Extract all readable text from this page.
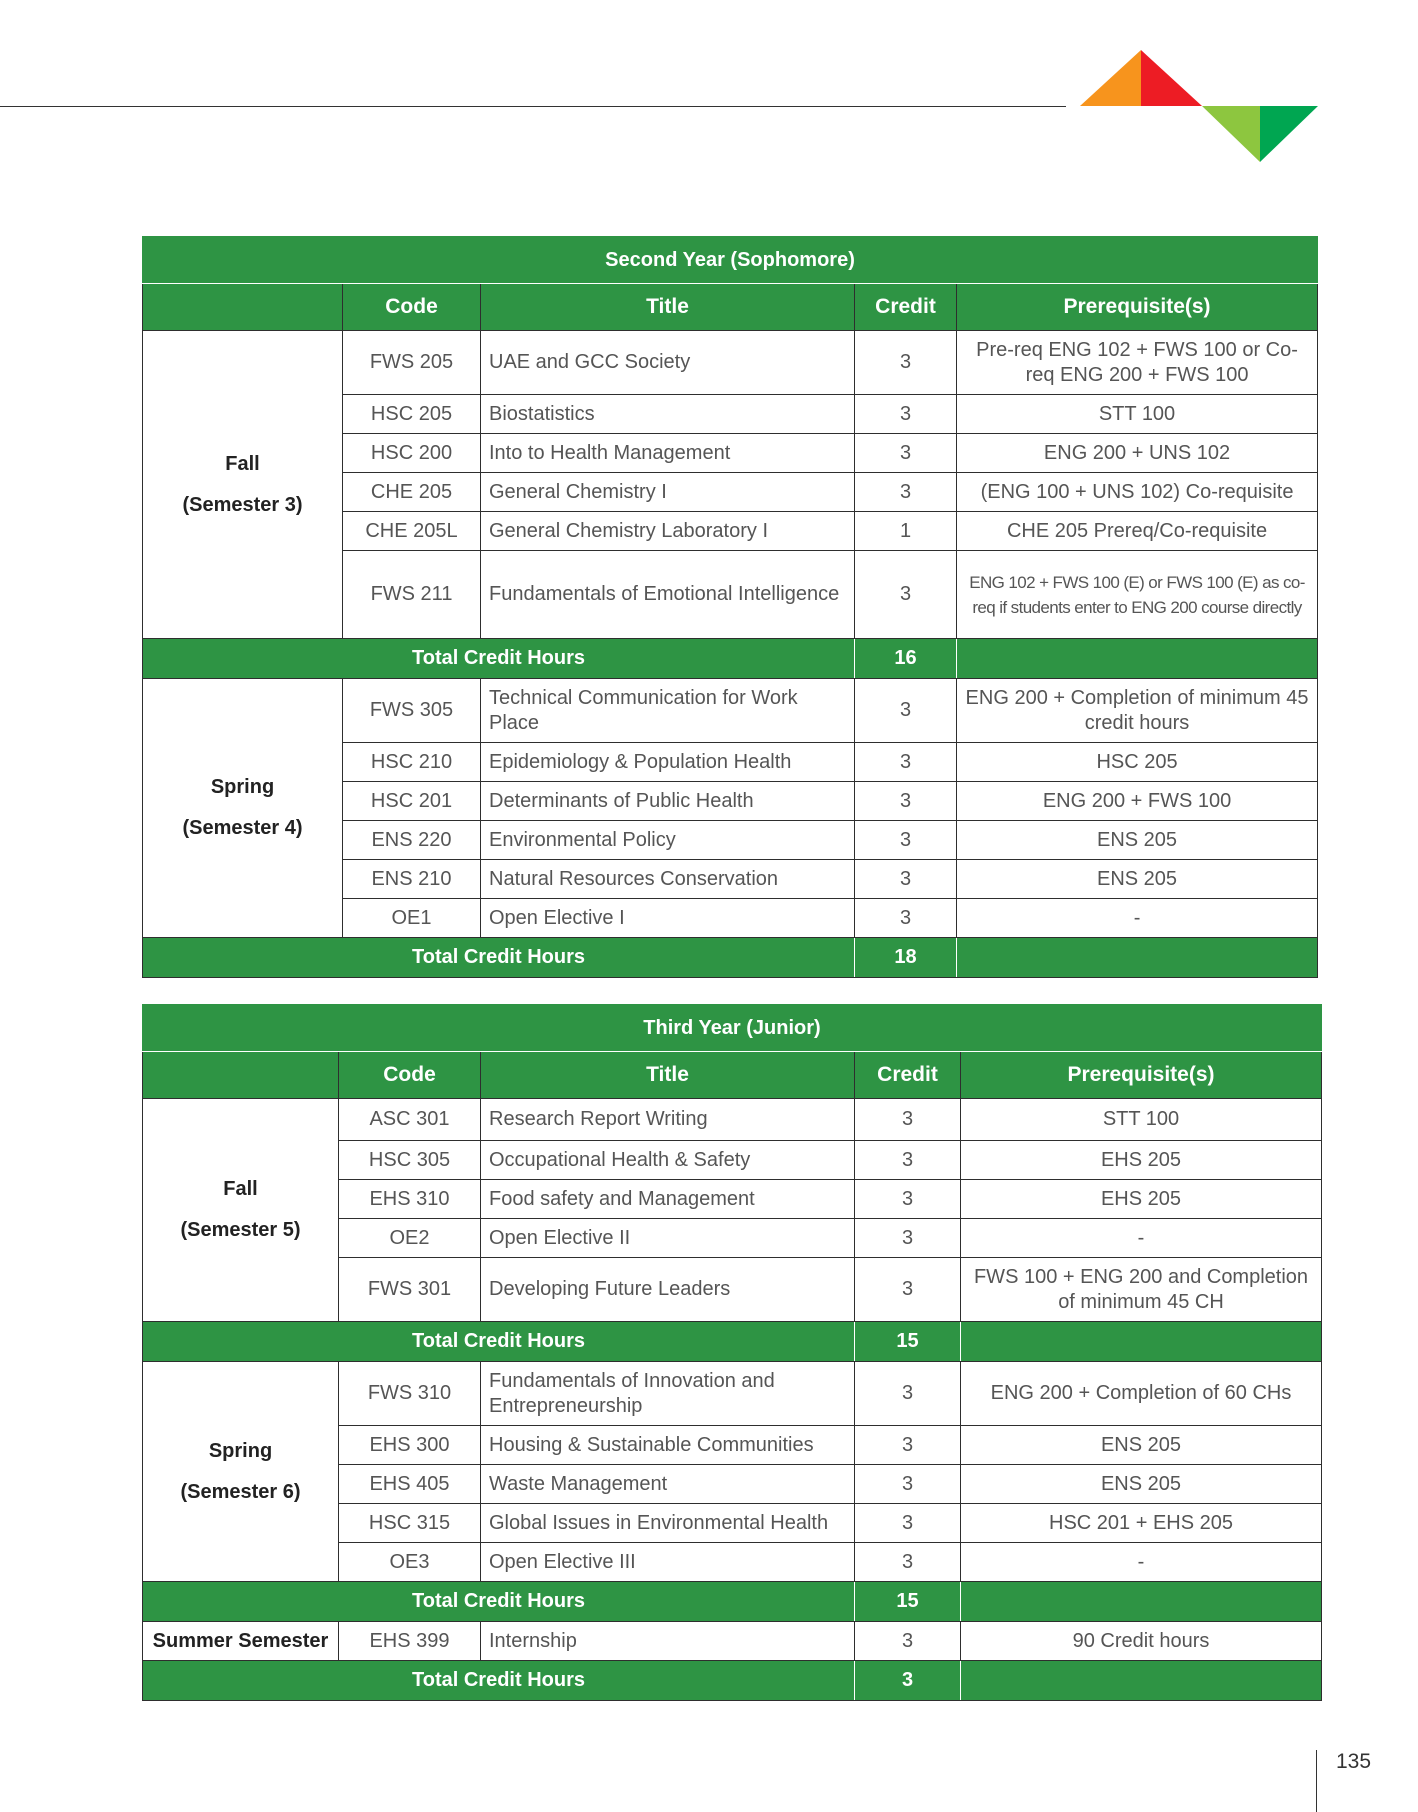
Second Year (Sophomore)				
	Code	Title	Credit	Prerequisite(s)

Fall
(Semester 3)	FWS 205	UAE and GCC Society	3	Pre-req ENG 102 + FWS 100 or Co-req ENG 200 + FWS 100
	HSC 205	Biostatistics	3	STT 100
	HSC 200	Into to Health Management	3	ENG 200 + UNS 102
	CHE 205	General Chemistry I	3	(ENG 100 + UNS 102) Co-requisite
	CHE 205L	General Chemistry Laboratory I	1	CHE 205 Prereq/Co-requisite
	FWS 211	Fundamentals of Emotional Intelligence	3	ENG 102 + FWS 100 (E) or FWS 100 (E) as co-req if students enter to ENG 200 course directly
Total Credit Hours			16	

Spring
(Semester 4)	FWS 305	Technical Communication for Work Place	3	ENG 200 + Completion of minimum 45 credit hours
	HSC 210	Epidemiology & Population Health	3	HSC 205
	HSC 201	Determinants of Public Health	3	ENG 200 + FWS 100
	ENS 220	Environmental Policy	3	ENS 205
	ENS 210	Natural Resources Conservation	3	ENS 205
	OE1	Open Elective I	3	-
Total Credit Hours			18	
Third Year (Junior)				
	Code	Title	Credit	Prerequisite(s)

Fall
(Semester 5)	ASC 301	Research Report Writing	3	STT 100
	HSC 305	Occupational Health & Safety	3	EHS 205
	EHS 310	Food safety and Management	3	EHS 205
	OE2	Open Elective II	3	-
	FWS 301	Developing Future Leaders	3	FWS 100 + ENG 200 and Completion of minimum 45 CH
Total Credit Hours			15	

Spring
(Semester 6)	FWS 310	Fundamentals of Innovation and Entrepreneurship	3	ENG 200 + Completion of 60 CHs
	EHS 300	Housing & Sustainable Communities	3	ENS 205
	EHS 405	Waste Management	3	ENS 205
	HSC 315	Global Issues in Environmental Health	3	HSC 201 + EHS 205
	OE3	Open Elective III	3	-
Total Credit Hours			15	
Summer Semester	EHS 399	Internship	3	90 Credit hours
Total Credit Hours			3	
135
